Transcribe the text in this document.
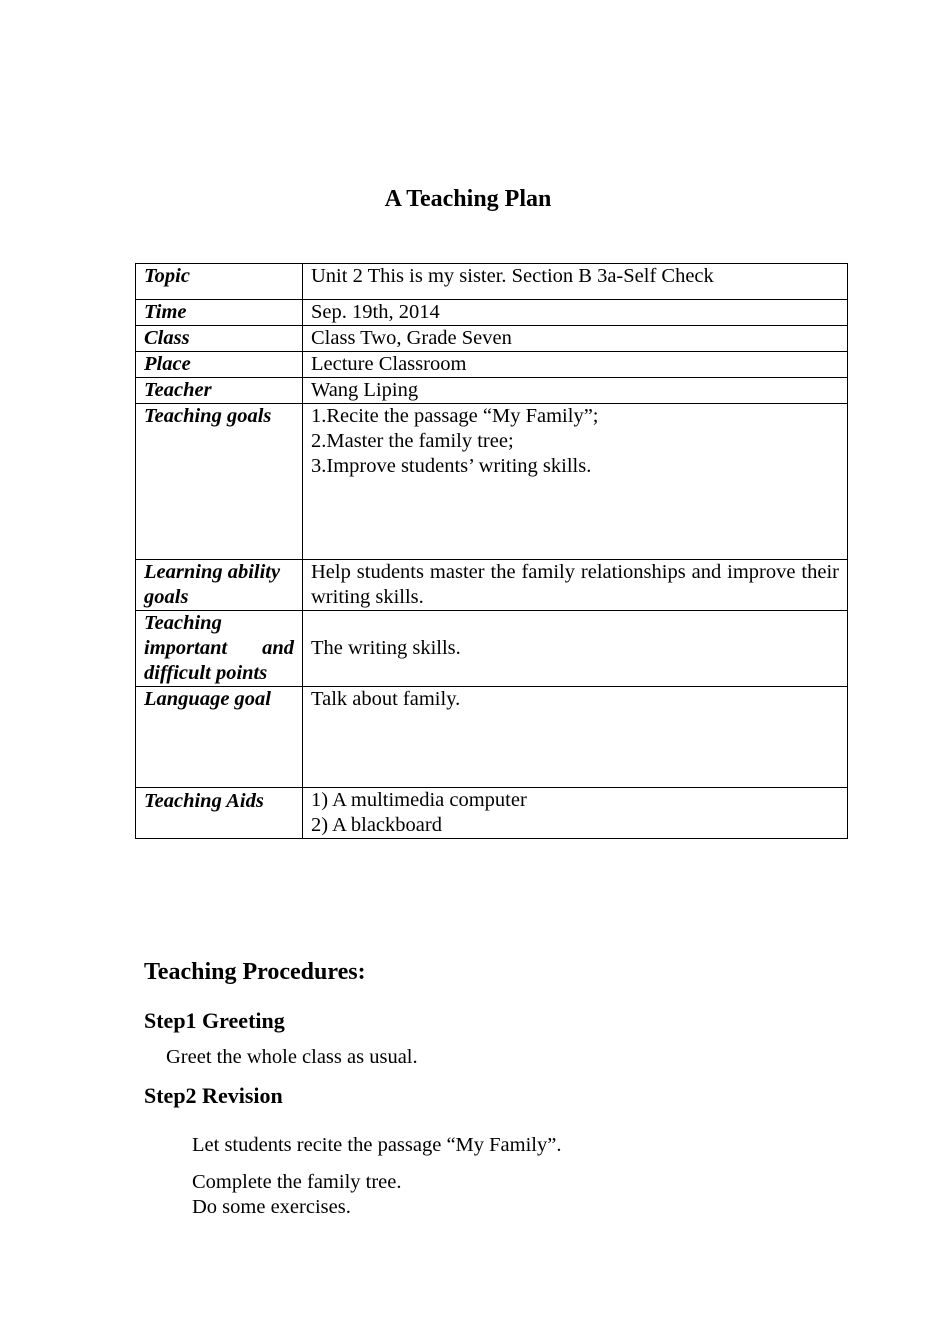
A Teaching Plan
Topic	Unit 2 This is my sister. Section B 3a-Self Check
Time	Sep. 19th, 2014
Class	Class Two, Grade Seven
Place	Lecture Classroom
Teacher	Wang Liping
Teaching goals	1.Recite the passage “My Family”;
2.Master the family tree;
3.Improve students’ writing skills.

Learning ability goals	Help students master the family relationships and improve their writing skills.
Teaching important and difficult points	The writing skills.
Language goal	Talk about family.
Teaching Aids	1) A multimedia computer
2) A blackboard
Teaching Procedures:
Step1 Greeting

Greet the whole class as usual.

Step2 Revision

Let students recite the passage “My Family”.

Complete the family tree.

Do some exercises.
